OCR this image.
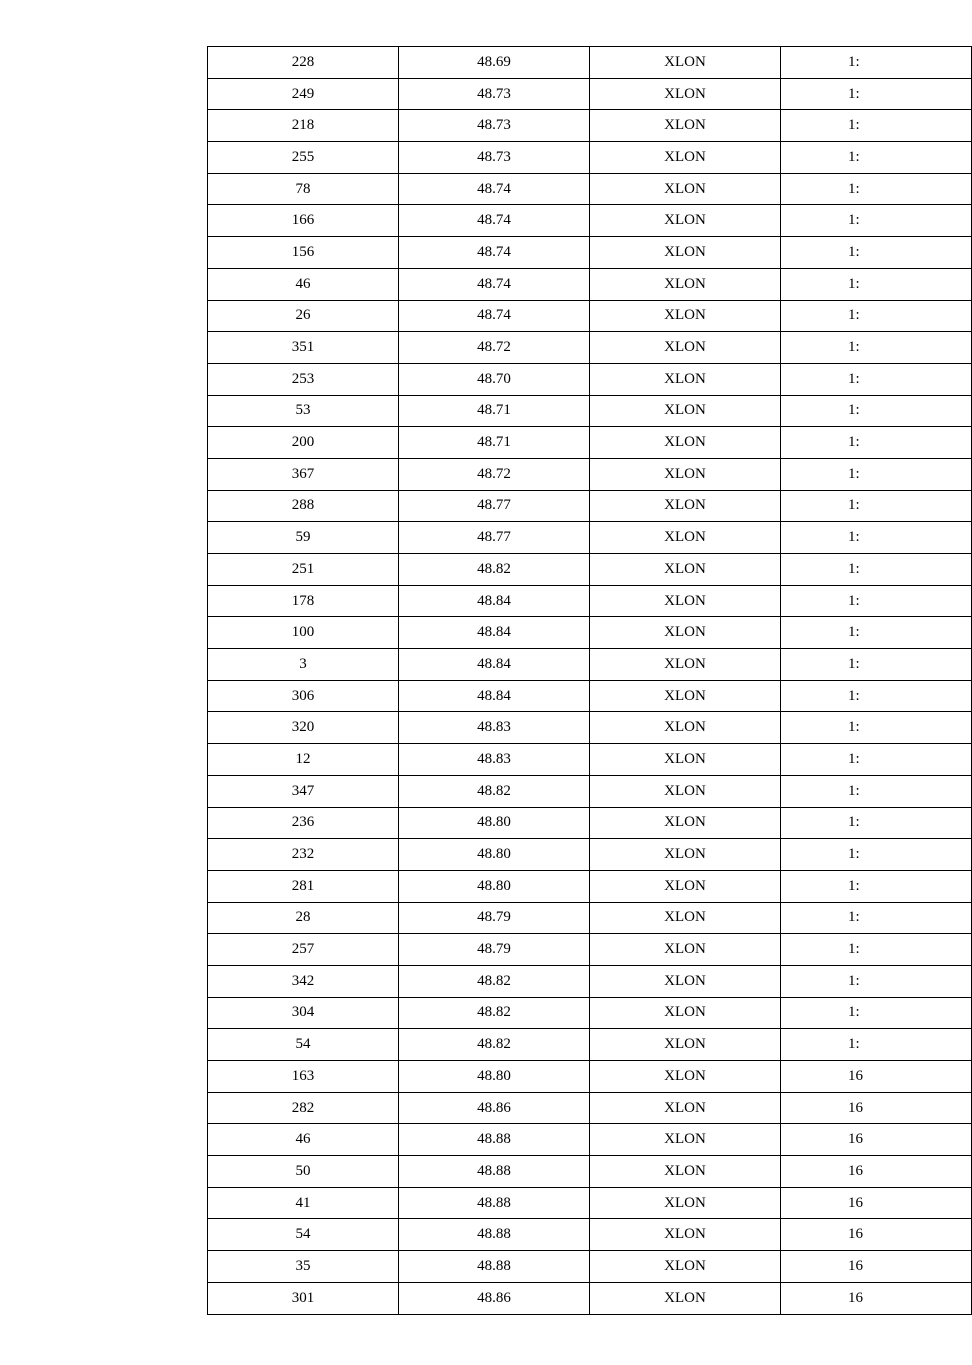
228	48.69	XLON	1:
249	48.73	XLON	1:
218	48.73	XLON	1:
255	48.73	XLON	1:
78	48.74	XLON	1:
166	48.74	XLON	1:
156	48.74	XLON	1:
46	48.74	XLON	1:
26	48.74	XLON	1:
351	48.72	XLON	1:
253	48.70	XLON	1:
53	48.71	XLON	1:
200	48.71	XLON	1:
367	48.72	XLON	1:
288	48.77	XLON	1:
59	48.77	XLON	1:
251	48.82	XLON	1:
178	48.84	XLON	1:
100	48.84	XLON	1:
3	48.84	XLON	1:
306	48.84	XLON	1:
320	48.83	XLON	1:
12	48.83	XLON	1:
347	48.82	XLON	1:
236	48.80	XLON	1:
232	48.80	XLON	1:
281	48.80	XLON	1:
28	48.79	XLON	1:
257	48.79	XLON	1:
342	48.82	XLON	1:
304	48.82	XLON	1:
54	48.82	XLON	1:
163	48.80	XLON	16
282	48.86	XLON	16
46	48.88	XLON	16
50	48.88	XLON	16
41	48.88	XLON	16
54	48.88	XLON	16
35	48.88	XLON	16
301	48.86	XLON	16
